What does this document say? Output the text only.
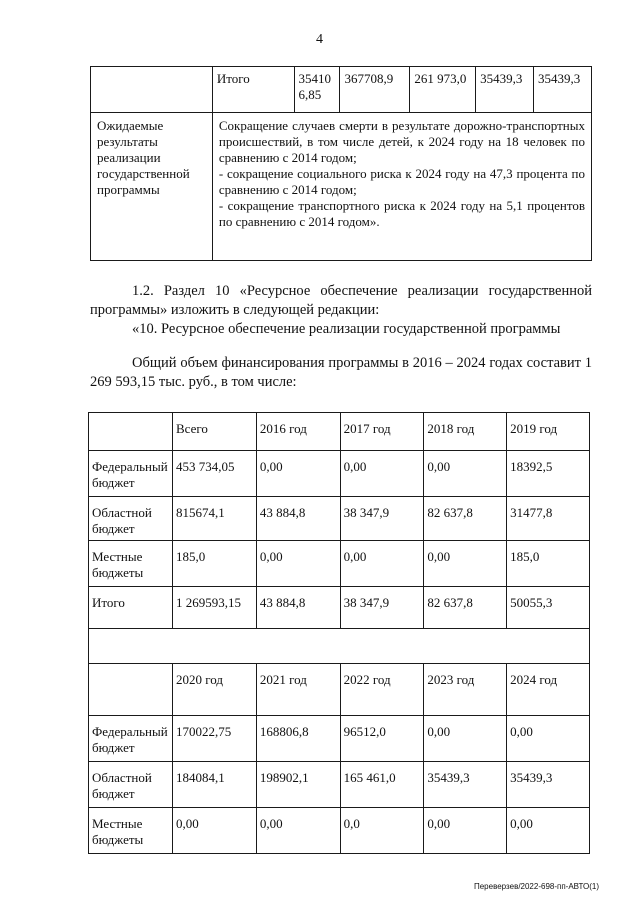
4
	Итого	35410 6,85	367708,9	261 973,0	35439,3	35439,3
Ожидаемые результаты реализации государственной программы	Сокращение случаев смерти в результате дорожно-транспортных происшествий, в том числе детей, к 2024 году на 18 человек по сравнению с 2014 годом;

- сокращение социального риска к 2024 году на 47,3 процента по сравнению с 2014 годом;

- сокращение транспортного риска к 2024 году на 5,1 процентов по сравнению с 2014 годом».					

1.2. Раздел 10 «Ресурсное обеспечение реализации государственной программы» изложить в следующей редакции:

«10. Ресурсное обеспечение реализации государственной программы

Общий объем финансирования программы в 2016 – 2024 годах составит 1 269 593,15 тыс. руб., в том числе:

	Всего	2016 год	2017 год	2018 год	2019 год
Федеральный бюджет	453 734,05	0,00	0,00	0,00	18392,5
Областной бюджет	815674,1	43 884,8	38 347,9	82 637,8	31477,8
Местные бюджеты	185,0	0,00	0,00	0,00	185,0
Итого	1 269593,15	43 884,8	38 347,9	82 637,8	50055,3

	2020 год	2021 год	2022 год	2023 год	2024 год
Федеральный бюджет	170022,75	168806,8	96512,0	0,00	0,00
Областной бюджет	184084,1	198902,1	165 461,0	35439,3	35439,3
Местные бюджеты	0,00	0,00	0,0	0,00	0,00
Переверзев/2022-698-пп-АВТО(1)
